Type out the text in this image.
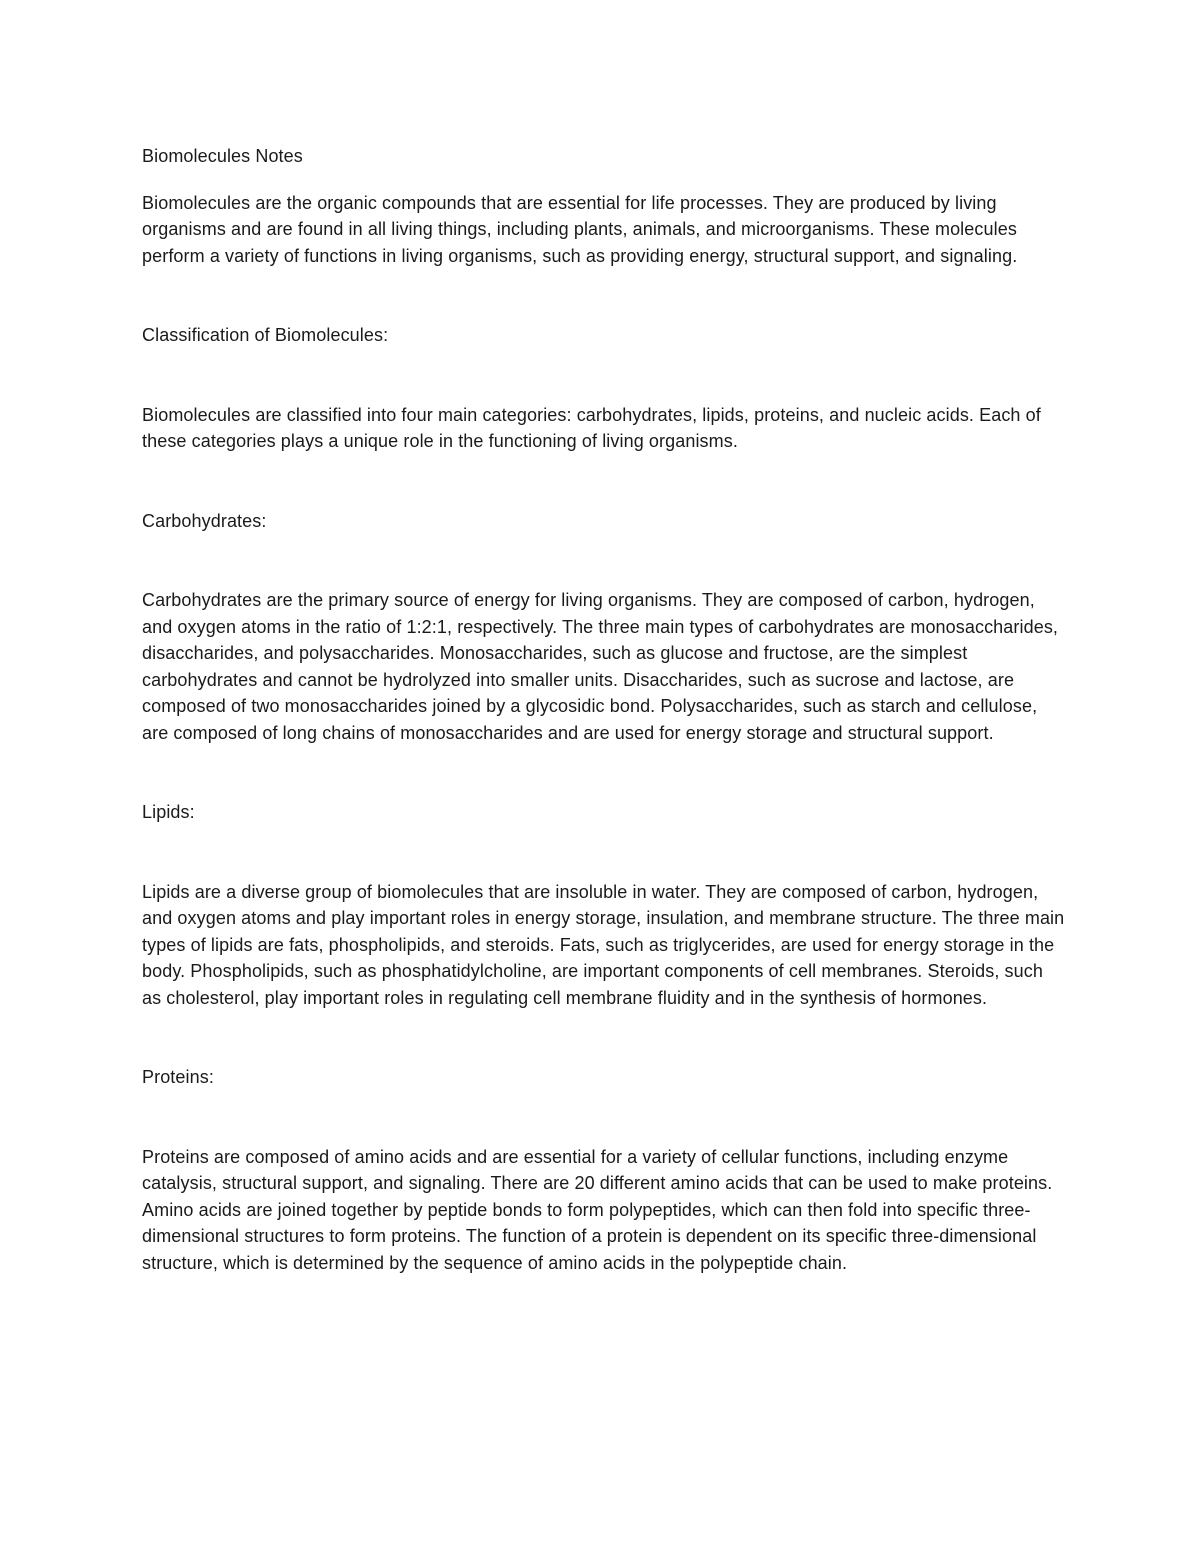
Biomolecules Notes

Biomolecules are the organic compounds that are essential for life processes. They are produced by living organisms and are found in all living things, including plants, animals, and microorganisms. These molecules perform a variety of functions in living organisms, such as providing energy, structural support, and signaling.

Classification of Biomolecules:

Biomolecules are classified into four main categories: carbohydrates, lipids, proteins, and nucleic acids. Each of these categories plays a unique role in the functioning of living organisms.

Carbohydrates:

Carbohydrates are the primary source of energy for living organisms. They are composed of carbon, hydrogen, and oxygen atoms in the ratio of 1:2:1, respectively. The three main types of carbohydrates are monosaccharides, disaccharides, and polysaccharides. Monosaccharides, such as glucose and fructose, are the simplest carbohydrates and cannot be hydrolyzed into smaller units. Disaccharides, such as sucrose and lactose, are composed of two monosaccharides joined by a glycosidic bond. Polysaccharides, such as starch and cellulose, are composed of long chains of monosaccharides and are used for energy storage and structural support.

Lipids:

Lipids are a diverse group of biomolecules that are insoluble in water. They are composed of carbon, hydrogen, and oxygen atoms and play important roles in energy storage, insulation, and membrane structure. The three main types of lipids are fats, phospholipids, and steroids. Fats, such as triglycerides, are used for energy storage in the body. Phospholipids, such as phosphatidylcholine, are important components of cell membranes. Steroids, such as cholesterol, play important roles in regulating cell membrane fluidity and in the synthesis of hormones.

Proteins:

Proteins are composed of amino acids and are essential for a variety of cellular functions, including enzyme catalysis, structural support, and signaling. There are 20 different amino acids that can be used to make proteins. Amino acids are joined together by peptide bonds to form polypeptides, which can then fold into specific three-dimensional structures to form proteins. The function of a protein is dependent on its specific three-dimensional structure, which is determined by the sequence of amino acids in the polypeptide chain.
